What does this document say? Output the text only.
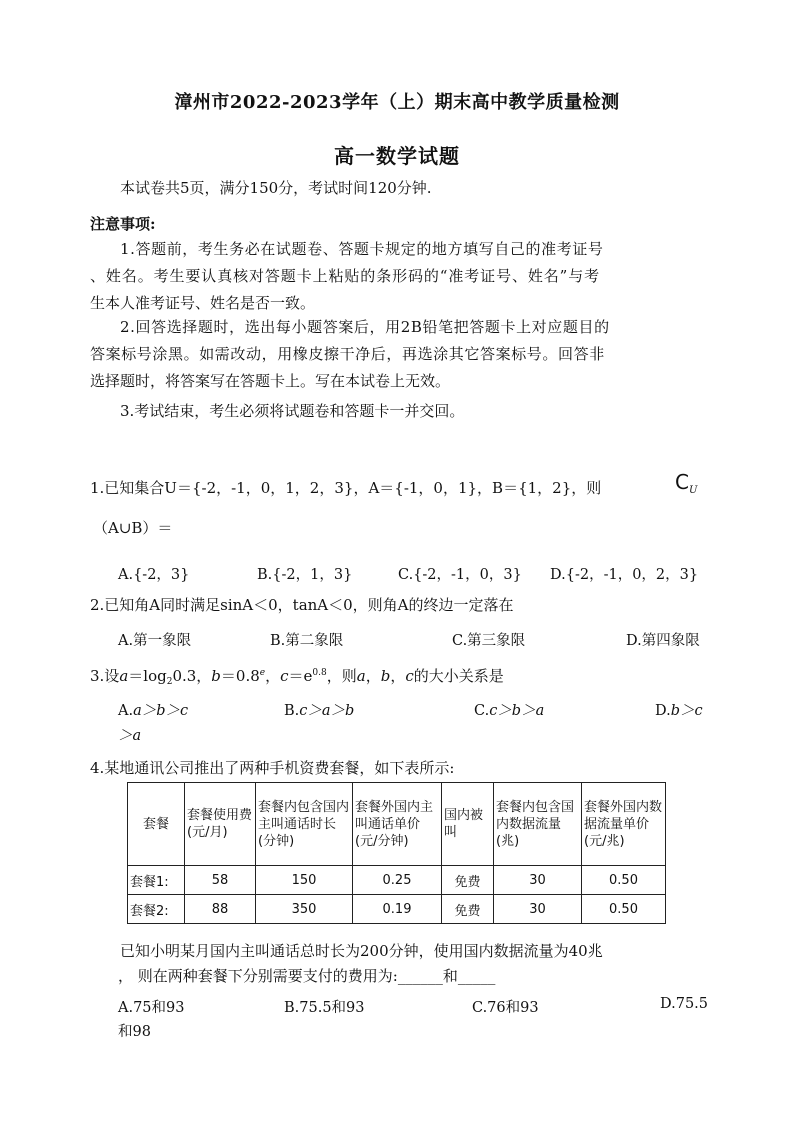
漳州市2022-2023学年（上）期末高中教学质量检测
高一数学试题
本试卷共5页，满分150分，考试时间120分钟.
注意事项:
1.答题前，考生务必在试题卷、答题卡规定的地方填写自己的准考证号
、姓名。考生要认真核对答题卡上粘贴的条形码的“准考证号、姓名”与考
生本人准考证号、姓名是否一致。
2.回答选择题时，选出每小题答案后，用2B铅笔把答题卡上对应题目的
答案标号涂黑。如需改动，用橡皮擦干净后，再选涂其它答案标号。回答非
选择题时，将答案写在答题卡上。写在本试卷上无效。
3.考试结束，考生必须将试题卷和答题卡一并交回。
1.已知集合U＝{-2，-1，0，1，2，3}，A＝{-1，0，1}，B＝{1，2}，则	$C_U$
（A∪B）＝
A.{-2，3}	B.{-2，1，3}	C.{-2，-1，0，3} D.{-2，-1，0，2，3}
2.已知角A同时满足sinA＜0，tanA＜0，则角A的终边一定落在
A.第一象限	B.第二象限	C.第三象限	D.第四象限
3.设$a=\log_20.3$，b＝0.8$^e$，$c=e^{0.8}$，则a，b，c的大小关系是
A.a＞b＞c	B.c＞a＞b	C.c＞b＞a	D.b＞c
＞a
4.某地通讯公司推出了两种手机资费套餐，如下表所示:
套餐	套餐使用费(元/月)	套餐内包含国内主叫通话时长(分钟)	套餐外国内主叫通话单价(元/分钟)	国内被叫	套餐内包含国内数据流量(兆)	套餐外国内数据流量单价(元/兆)
套餐1:	58	150	0.25	免费	30	0.50
套餐2:	88	350	0.19	免费	30	0.50
已知小明某月国内主叫通话总时长为200分钟，使用国内数据流量为40兆
， 则在两种套餐下分别需要支付的费用为:______和_____
A.75和93	B.75.5和93	C.76和93	D.75.5
和98
